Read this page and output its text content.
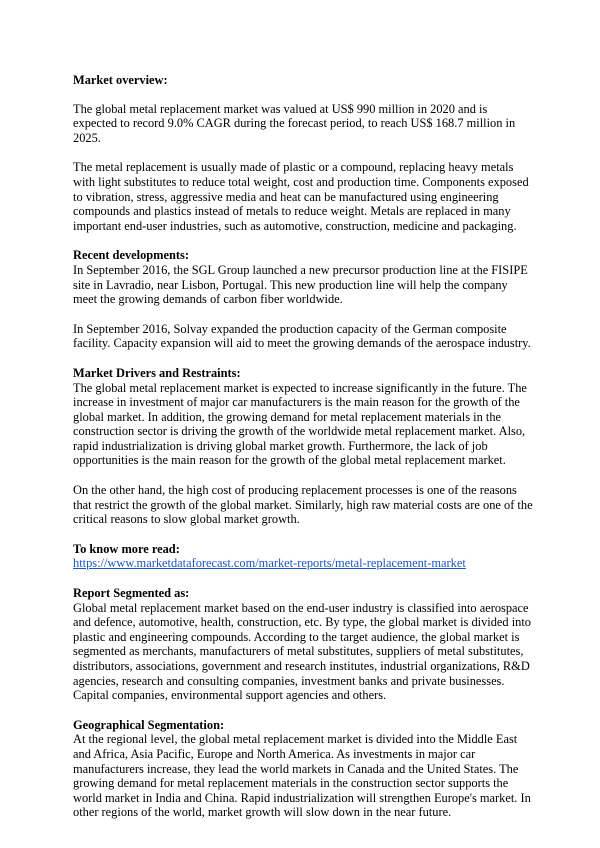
Market overview:

The global metal replacement market was valued at US$ 990 million in 2020 and is expected to record 9.0% CAGR during the forecast period, to reach US$ 168.7 million in 2025.

The metal replacement is usually made of plastic or a compound, replacing heavy metals with light substitutes to reduce total weight, cost and production time. Components exposed to vibration, stress, aggressive media and heat can be manufactured using engineering compounds and plastics instead of metals to reduce weight. Metals are replaced in many important end-user industries, such as automotive, construction, medicine and packaging.

Recent developments:

In September 2016, the SGL Group launched a new precursor production line at the FISIPE site in Lavradio, near Lisbon, Portugal. This new production line will help the company meet the growing demands of carbon fiber worldwide.

In September 2016, Solvay expanded the production capacity of the German composite facility. Capacity expansion will aid to meet the growing demands of the aerospace industry.

Market Drivers and Restraints:

The global metal replacement market is expected to increase significantly in the future. The increase in investment of major car manufacturers is the main reason for the growth of the global market. In addition, the growing demand for metal replacement materials in the construction sector is driving the growth of the worldwide metal replacement market. Also, rapid industrialization is driving global market growth. Furthermore, the lack of job opportunities is the main reason for the growth of the global metal replacement market.

On the other hand, the high cost of producing replacement processes is one of the reasons that restrict the growth of the global market. Similarly, high raw material costs are one of the critical reasons to slow global market growth.

To know more read:
https://www.marketdataforecast.com/market-reports/metal-replacement-market
Report Segmented as:

Global metal replacement market based on the end-user industry is classified into aerospace and defence, automotive, health, construction, etc. By type, the global market is divided into plastic and engineering compounds. According to the target audience, the global market is segmented as merchants, manufacturers of metal substitutes, suppliers of metal substitutes, distributors, associations, government and research institutes, industrial organizations, R&D agencies, research and consulting companies, investment banks and private businesses. Capital companies, environmental support agencies and others.

Geographical Segmentation:

At the regional level, the global metal replacement market is divided into the Middle East and Africa, Asia Pacific, Europe and North America. As investments in major car manufacturers increase, they lead the world markets in Canada and the United States. The growing demand for metal replacement materials in the construction sector supports the world market in India and China. Rapid industrialization will strengthen Europe's market. In other regions of the world, market growth will slow down in the near future.
